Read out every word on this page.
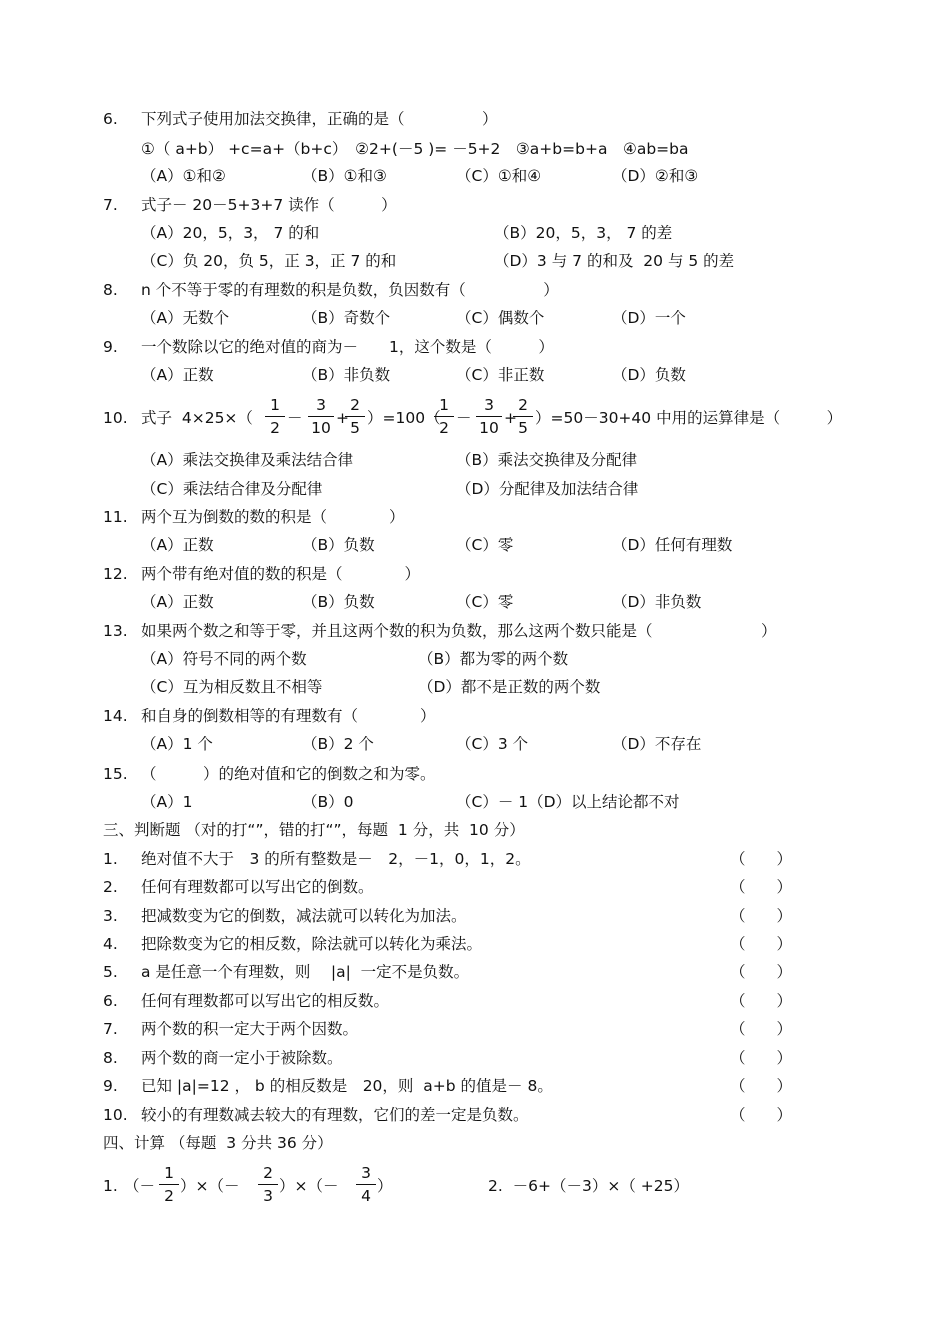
6. 下列式子使用加法交换律，正确的是（　　　　　）
①（ a+b） +c=a+（b+c）　②2+(－5 )= －5+2　③a+b=b+a　④ab=ba
（A）①和②	（B）①和③	（C）①和④	（D）②和③
7. 式子－ 20－5+3+7 读作（　　　）
（A）20，5，3， 7 的和	（B）20，5，3， 7 的差
（C）负 20，负 5，正 3，正 7 的和	（D）3 与 7 的和及  20 与 5 的差
8. n 个不等于零的有理数的积是负数，负因数有（　　　　　）
（A）无数个	（B）奇数个	（C）偶数个	（D）一个
9. 一个数除以它的绝对值的商为－　　1，这个数是（　　　）
（A）正数	（B）非负数	（C）非正数	（D）负数
10. 式子  4×25×（
1
2
－
3
10
+
2
5
）=100（
1
2
－
3
10
+
2
5
）=50－30+40 中用的运算律是（　　　）
（A）乘法交换律及乘法结合律	（B）乘法交换律及分配律
（C）乘法结合律及分配律	（D）分配律及加法结合律
11. 两个互为倒数的数的积是（　　　　）
（A）正数	（B）负数	（C）零	（D）任何有理数
12. 两个带有绝对值的数的积是（　　　　）
（A）正数	（B）负数	（C）零	（D）非负数
13. 如果两个数之和等于零，并且这两个数的积为负数，那么这两个数只能是（　　　　　　　）
（A）符号不同的两个数	（B）都为零的两个数
（C）互为相反数且不相等	（D）都不是正数的两个数
14. 和自身的倒数相等的有理数有（　　　　）
（A）1 个	（B）2 个	（C）3 个	（D）不存在
15. （　　　）的绝对值和它的倒数之和为零。
（A）1	（B）0	（C）－ 1（D）以上结论都不对
三、判断题 （对的打“”，错的打“”，每题  1 分，共  10 分）
1. 绝对值不大于　3 的所有整数是－　2，－1，0，1，2。	（　　）
2. 任何有理数都可以写出它的倒数。	（　　）
3. 把减数变为它的倒数，减法就可以转化为加法。	（　　）
4. 把除数变为它的相反数，除法就可以转化为乘法。	（　　）
5. a 是任意一个有理数，则　 |a|  一定不是负数。	（　　）
6. 任何有理数都可以写出它的相反数。	（　　）
7. 两个数的积一定大于两个因数。	（　　）
8. 两个数的商一定小于被除数。	（　　）
9. 已知 |a|=12 ， b 的相反数是　20，则  a+b 的值是－ 8。	（　　）
10. 较小的有理数减去较大的有理数，它们的差一定是负数。	（　　）
四、计算 （每题  3 分共 36 分）
1. （－
1
2
）×（－
2
3
）×（－
3
4
）	2.  －6+（－3）×（ +25）
